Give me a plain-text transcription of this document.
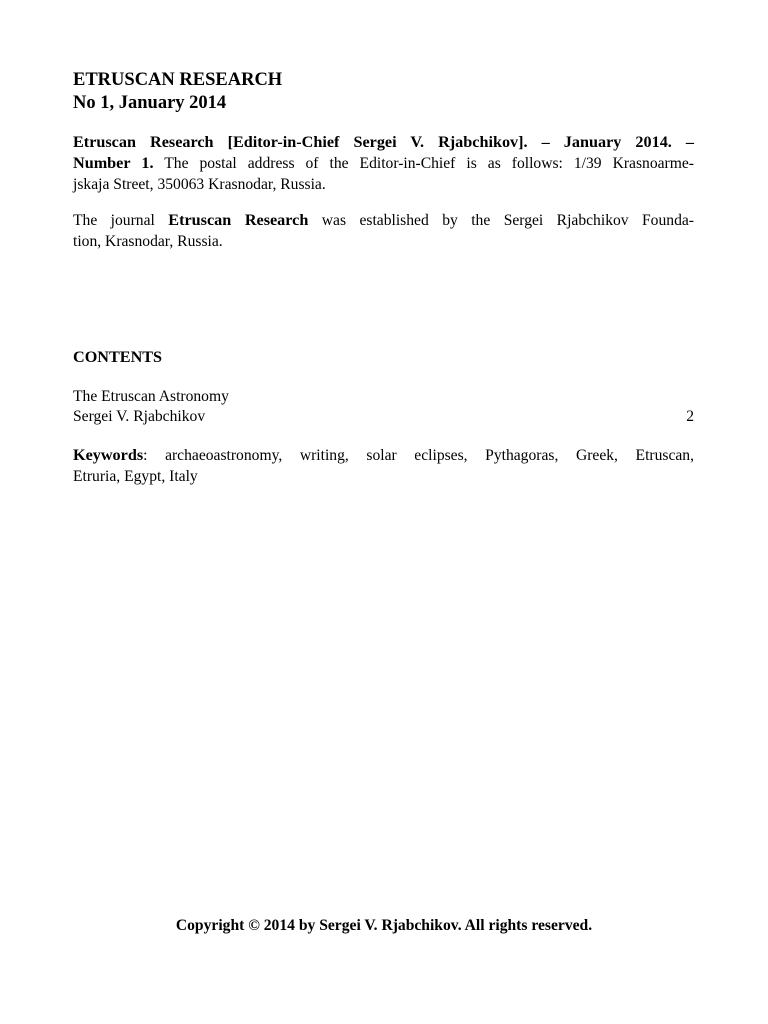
ETRUSCAN RESEARCH

No 1, January 2014

Etruscan Research [Editor-in-Chief Sergei V. Rjabchikov]. – January 2014. –

Number 1. The postal address of the Editor-in-Chief is as follows: 1/39 Krasnoarme-

jskaja Street, 350063 Krasnodar, Russia.

The journal Etruscan Research was established by the Sergei Rjabchikov Founda-

tion, Krasnodar, Russia.

CONTENTS

The Etruscan Astronomy

Sergei V. Rjabchikov	2

Keywords: archaeoastronomy, writing, solar eclipses, Pythagoras, Greek, Etruscan,

Etruria, Egypt, Italy

Copyright © 2014 by Sergei V. Rjabchikov. All rights reserved.
